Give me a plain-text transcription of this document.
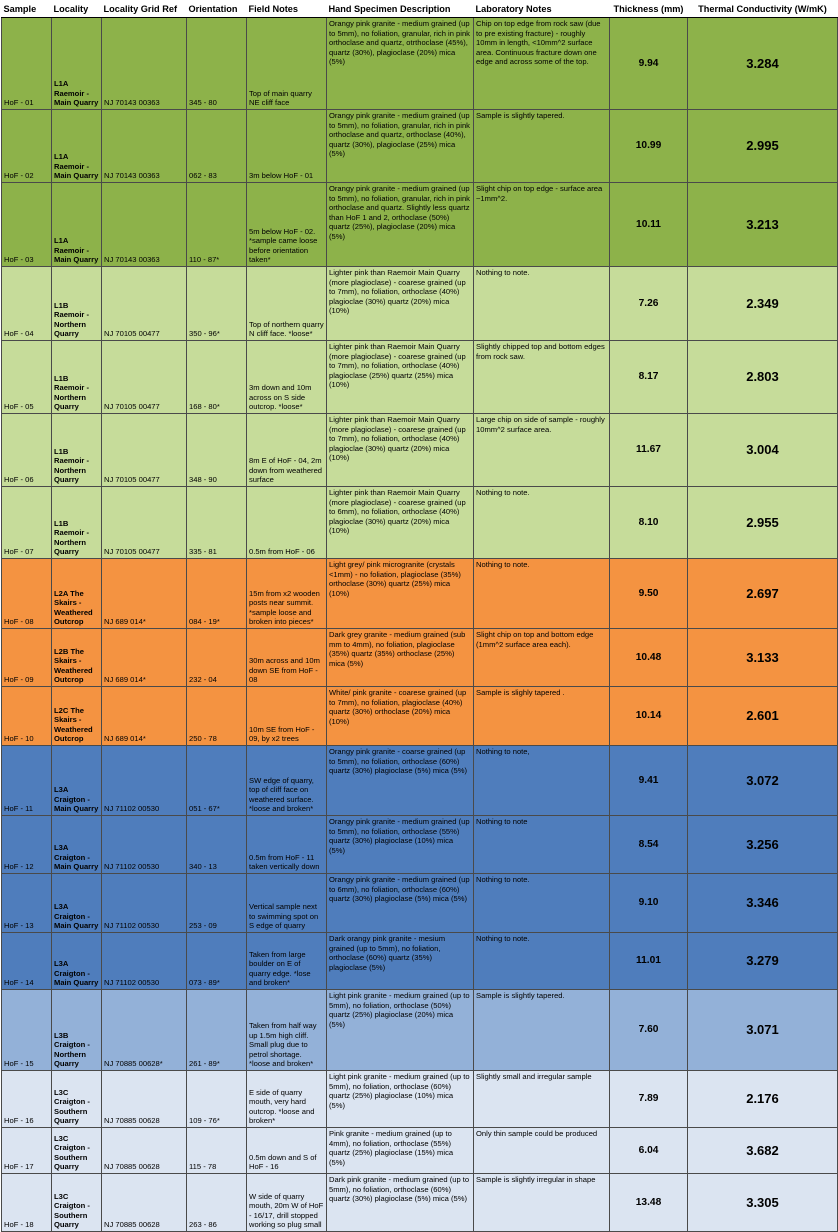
Sample	Locality	Locality Grid Ref	Orientation	Field Notes	Hand Specimen Description	Laboratory Notes	Thickness (mm)	Thermal Conductivity (W/mK)
HoF - 01	L1A Raemoir - Main Quarry	NJ 70143 00363	345 - 80	Top of main quarry NE cliff face	Orangy pink granite - medium grained (up to 5mm), no foliation, granular, rich in pink orthoclase and quartz, otrthoclase (45%), quartz (30%), plagioclase (20%) mica (5%)	Chip on top edge from rock saw (due to pre existing fracture) - roughly 10mm in length, <10mm^2 surface area. Continuous fracture down one edge and across some of the top.	9.94	3.284
HoF - 02	L1A Raemoir - Main Quarry	NJ 70143 00363	062 - 83	3m below HoF - 01	Orangy pink granite - medium grained (up to 5mm), no foliation, granular, rich in pink orthoclase and quartz, orthoclase (40%), quartz (30%), plagioclase (25%) mica (5%)	Sample is slightly tapered.	10.99	2.995
HoF - 03	L1A Raemoir - Main Quarry	NJ 70143 00363	110 - 87*	5m below HoF - 02. *sample came loose before orientation taken*	Orangy pink granite - medium grained (up to 5mm), no foliation, granular, rich in pink orthoclase and quartz. Slightly less quartz than HoF 1 and 2, orthoclase (50%) quartz (25%), plagioclase (20%) mica (5%)	Slight chip on top edge - surface area ~1mm^2.	10.11	3.213
HoF - 04	L1B Raemoir - Northern Quarry	NJ 70105 00477	350 - 96*	Top of northern quarry N cliff face. *loose*	Lighter pink than Raemoir Main Quarry (more plagioclase) - coarese grained (up to 7mm), no foliation, orthoclase (40%) plagioclae (30%) quartz (20%) mica (10%)	Nothing to note.	7.26	2.349
HoF - 05	L1B Raemoir - Northern Quarry	NJ 70105 00477	168 - 80*	3m down and 10m across on S side outcrop. *loose*	Lighter pink than Raemoir Main Quarry (more plagioclase) - coarese grained (up to 7mm), no foliation, orthoclase (40%) plagioclase (25%) quartz (25%) mica (10%)	Slightly chipped top and bottom edges from rock saw.	8.17	2.803
HoF - 06	L1B Raemoir - Northern Quarry	NJ 70105 00477	348 - 90	8m E of HoF - 04, 2m down from weathered surface	Lighter pink than Raemoir Main Quarry (more plagioclase) - coarese grained (up to 7mm), no foliation, orthoclase (40%) plagioclae (30%) quartz (20%) mica (10%)	Large chip on side of sample - roughly 10mm^2 surface area.	11.67	3.004
HoF - 07	L1B Raemoir - Northern Quarry	NJ 70105 00477	335 - 81	0.5m from HoF - 06	Lighter pink than Raemoir Main Quarry (more plagioclase) - coarese grained (up to 6mm), no foliation, orthoclase (40%) plagioclae (30%) quartz (20%) mica (10%)	Nothing to note.	8.10	2.955
HoF - 08	L2A The Skairs - Weathered Outcrop	NJ 689 014*	084 - 19*	15m from x2 wooden posts near summit. *sample loose and broken into pieces*	Light grey/ pink microgranite (crystals <1mm) - no foliation, plagioclase (35%) orthoclase (30%) quartz (25%) mica (10%)	Nothing to note.	9.50	2.697
HoF - 09	L2B The Skairs - Weathered Outcrop	NJ 689 014*	232 - 04	30m across and 10m down SE from HoF - 08	Dark grey granite - medium grained (sub mm to 4mm), no foliation, plagioclase (35%) quartz (35%) orthoclase (25%) mica (5%)	Slight chip on top and bottom edge (1mm^2 surface area each).	10.48	3.133
HoF - 10	L2C The Skairs - Weathered Outcrop	NJ 689 014*	250 - 78	10m SE from HoF - 09, by x2 trees	White/ pink granite - coarese grained (up to 7mm), no foliation, plagioclase (40%) quartz (30%) orthoclase (20%) mica (10%)	Sample is slighly tapered .	10.14	2.601
HoF - 11	L3A Craigton - Main Quarry	NJ 71102 00530	051 - 67*	SW edge of quarry, top of cliff face on weathered surface. *loose and broken*	Orangy pink granite - coarse grained (up to 5mm), no foliation, orthoclase (60%) quartz (30%) plagioclase (5%) mica (5%)	Nothing to note,	9.41	3.072
HoF - 12	L3A Craigton - Main Quarry	NJ 71102 00530	340 - 13	0.5m from HoF - 11 taken vertically down	Orangy pink granite - medium grained (up to 5mm), no foliation, orthoclase (55%) quartz (30%) plagioclase (10%) mica (5%)	Nothing to note	8.54	3.256
HoF - 13	L3A Craigton - Main Quarry	NJ 71102 00530	253 - 09	Vertical sample next to swimming spot on S edge of quarry	Orangy pink granite - medium grained (up to 6mm), no foliation, orthoclase (60%) quartz (30%) plagioclase (5%) mica (5%)	Nothing to note.	9.10	3.346
HoF - 14	L3A Craigton - Main Quarry	NJ 71102 00530	073 - 89*	Taken from large boulder on E of quarry edge. *lose and broken*	Dark orangy pink granite - mesium grained (up to 5mm), no foliation, orthoclase (60%) quartz (35%) plagioclase (5%)	Nothing to note.	11.01	3.279
HoF - 15	L3B Craigton - Northern Quarry	NJ 70885 00628*	261 - 89*	Taken from half way up 1.5m high cliff. Small plug due to petrol shortage. *loose and broken*	Light pink granite - medium grained (up to 5mm), no foliation, orthoclase (50%) quartz (25%) plagioclase (20%) mica (5%)	Sample is slightly tapered.	7.60	3.071
HoF - 16	L3C Craigton - Southern Quarry	NJ 70885 00628	109 - 76*	E side of quarry mouth, very hard outcrop. *loose and broken*	Light pink granite - medium grained (up to 5mm), no foliation, orthoclase (60%) quartz (25%) plagioclase (10%) mica (5%)	Slightly small and irregular sample	7.89	2.176
HoF - 17	L3C Craigton - Southern Quarry	NJ 70885 00628	115 - 78	0.5m down and S of HoF - 16	Pink granite - medium grained (up to 4mm), no foliation, orthoclase (55%) quartz (25%) plagioclase (15%) mica (5%)	Only thin sample could be produced	6.04	3.682
HoF - 18	L3C Craigton - Southern Quarry	NJ 70885 00628	263 - 86	W side of quarry mouth, 20m W of HoF - 16/17, drill stopped working so plug small	Dark pink granite - medium grained (up to 5mm), no foliation, orthoclase (60%) quartz (30%) plagioclase (5%) mica (5%)	Sample is slightly irregular in shape	13.48	3.305
